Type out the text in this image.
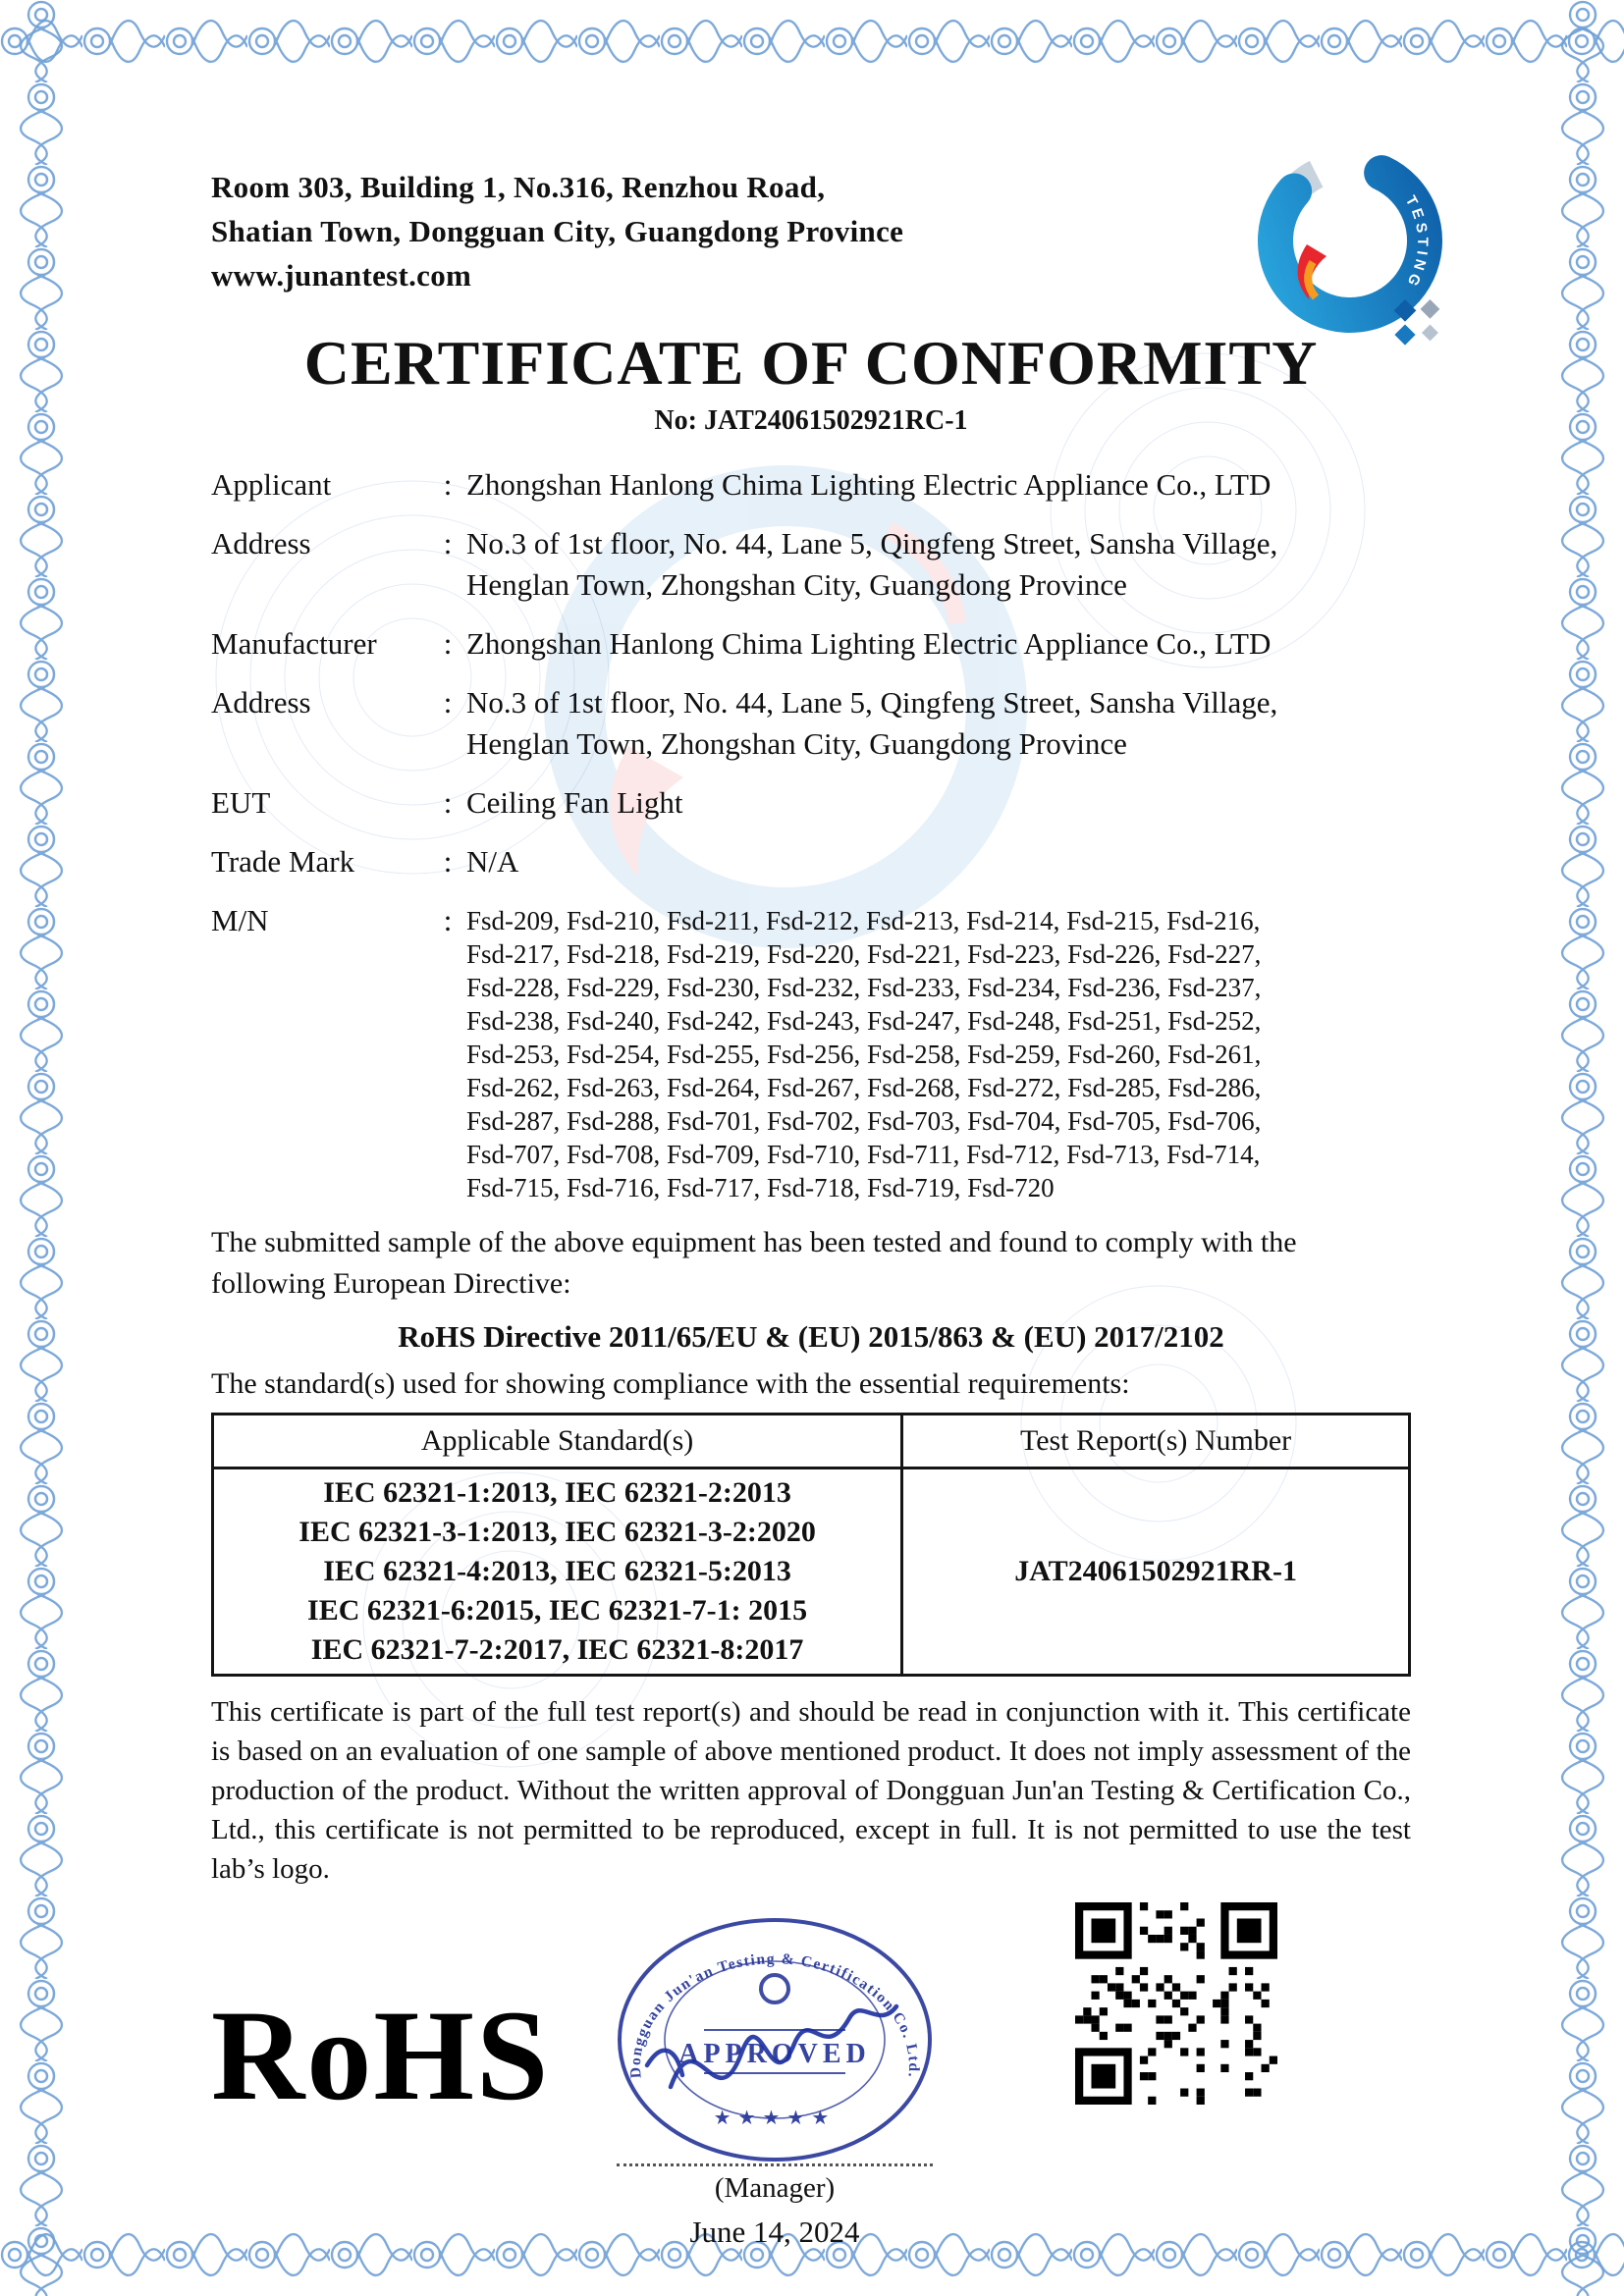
TESTING
Room 303, Building 1, No.316, Renzhou Road,
Shatian Town, Dongguan City, Guangdong Province
www.junantest.com
CERTIFICATE OF CONFORMITY
No: JAT24061502921RC-1
Applicant	: Zhongshan Hanlong Chima Lighting Electric Appliance Co., LTD
Address	: No.3 of 1st floor, No. 44, Lane 5, Qingfeng Street, Sansha Village,
Henglan Town, Zhongshan City, Guangdong Province
Manufacturer	: Zhongshan Hanlong Chima Lighting Electric Appliance Co., LTD
Address	: No.3 of 1st floor, No. 44, Lane 5, Qingfeng Street, Sansha Village,
Henglan Town, Zhongshan City, Guangdong Province
EUT	: Ceiling Fan Light
Trade Mark	: N/A
M/N	: Fsd-209, Fsd-210, Fsd-211, Fsd-212, Fsd-213, Fsd-214, Fsd-215, Fsd-216,
Fsd-217, Fsd-218, Fsd-219, Fsd-220, Fsd-221, Fsd-223, Fsd-226, Fsd-227,
Fsd-228, Fsd-229, Fsd-230, Fsd-232, Fsd-233, Fsd-234, Fsd-236, Fsd-237,
Fsd-238, Fsd-240, Fsd-242, Fsd-243, Fsd-247, Fsd-248, Fsd-251, Fsd-252,
Fsd-253, Fsd-254, Fsd-255, Fsd-256, Fsd-258, Fsd-259, Fsd-260, Fsd-261,
Fsd-262, Fsd-263, Fsd-264, Fsd-267, Fsd-268, Fsd-272, Fsd-285, Fsd-286,
Fsd-287, Fsd-288, Fsd-701, Fsd-702, Fsd-703, Fsd-704, Fsd-705, Fsd-706,
Fsd-707, Fsd-708, Fsd-709, Fsd-710, Fsd-711, Fsd-712, Fsd-713, Fsd-714,
Fsd-715, Fsd-716, Fsd-717, Fsd-718, Fsd-719, Fsd-720

The submitted sample of the above equipment has been tested and found to comply with the following European Directive:

RoHS Directive 2011/65/EU & (EU) 2015/863 & (EU) 2017/2102

The standard(s) used for showing compliance with the essential requirements:

Applicable Standard(s)	Test Report(s) Number
IEC 62321-1:2013, IEC 62321-2:2013
IEC 62321-3-1:2013, IEC 62321-3-2:2020
IEC 62321-4:2013, IEC 62321-5:2013
IEC 62321-6:2015, IEC 62321-7-1: 2015
IEC 62321-7-2:2017, IEC 62321-8:2017
JAT24061502921RR-1

This certificate is part of the full test report(s) and should be read in conjunction with it. This certificate is based on an evaluation of one sample of above mentioned product. It does not imply assessment of the production of the product. Without the written approval of Dongguan Jun'an Testing & Certification Co., Ltd., this certificate is not permitted to be reproduced, except in full. It is not permitted to use the test lab’s logo.

RoHS	Dongguan Jun'an Testing & Certification Co. Ltd.
APPROVED
★★★★★
(Manager)
June 14, 2024
